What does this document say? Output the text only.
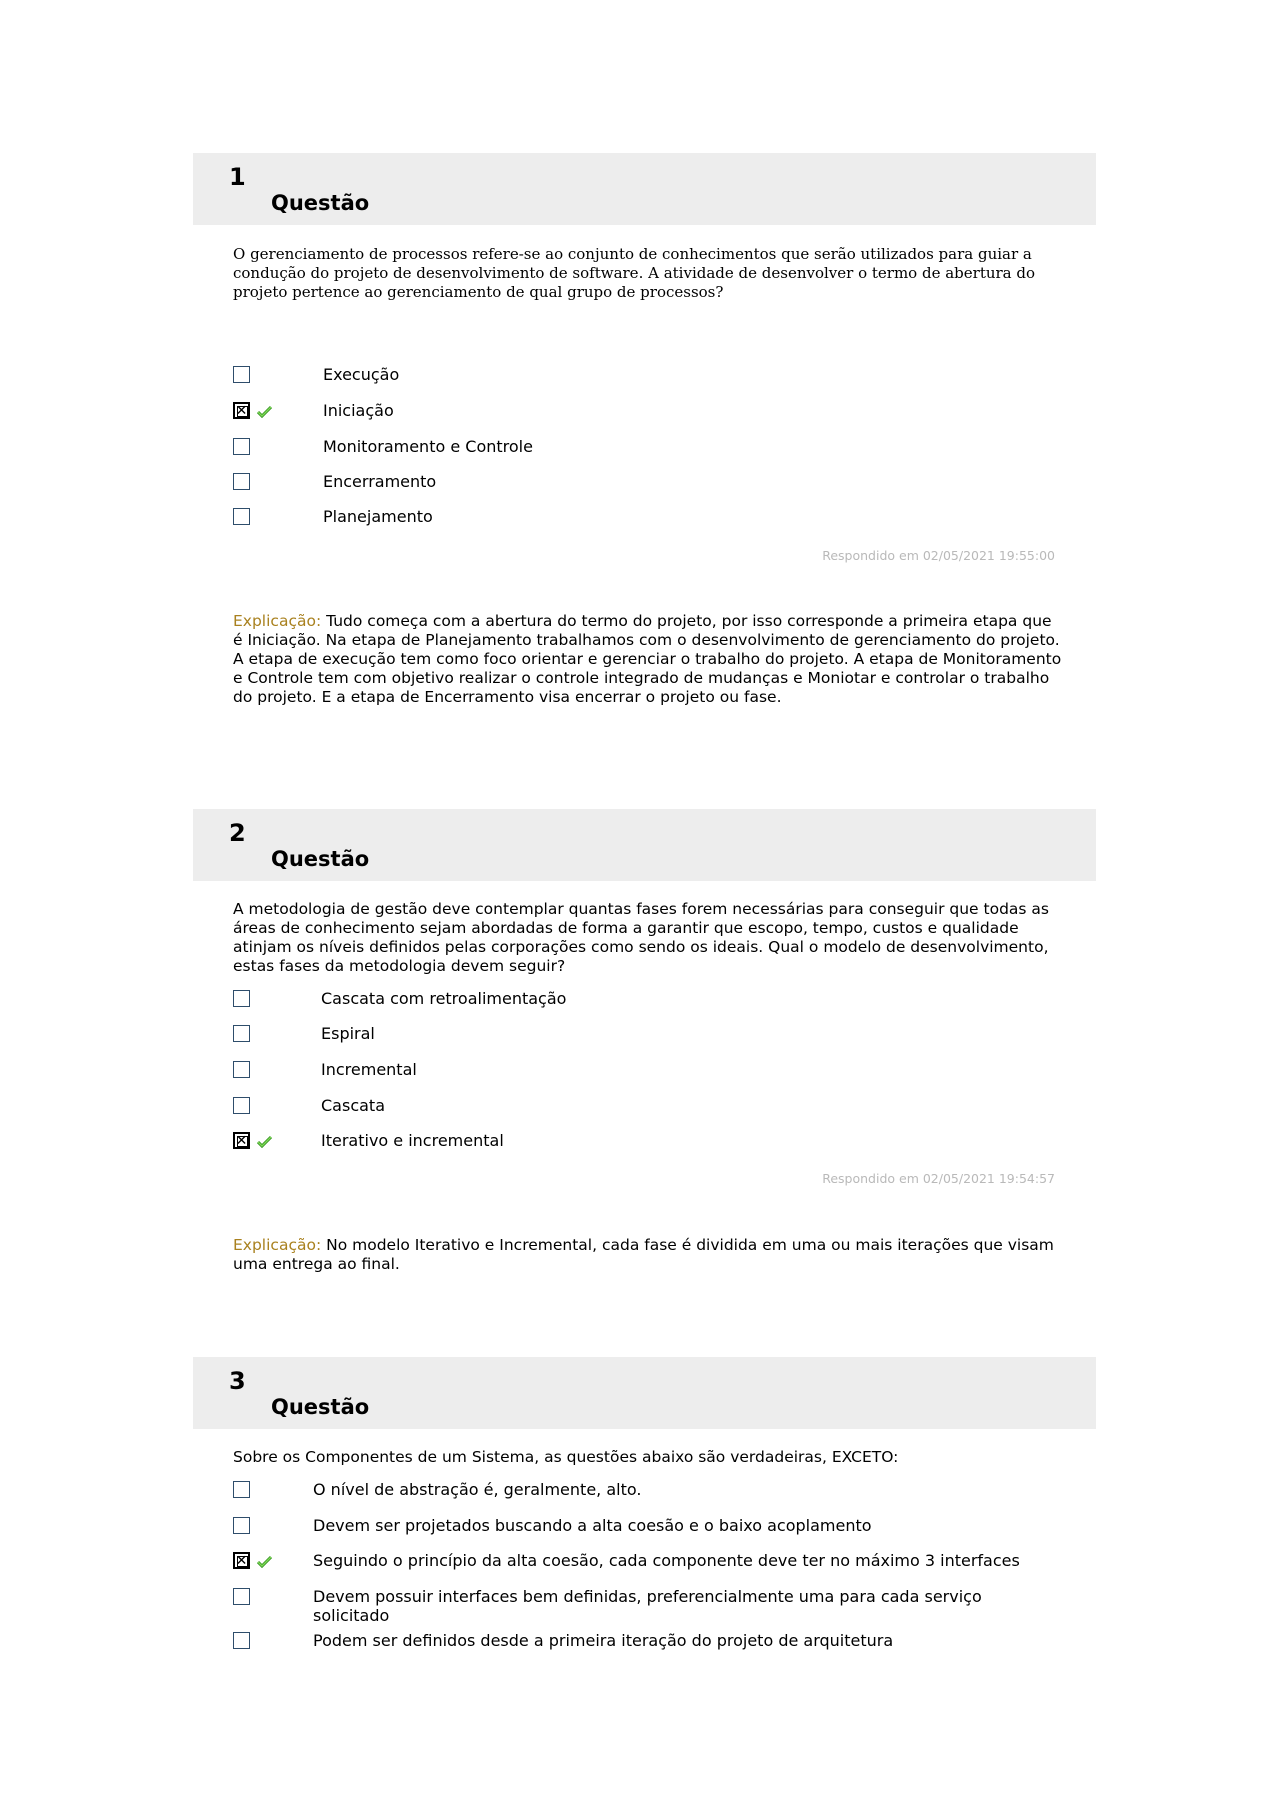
1
Questão

O gerenciamento de processos refere-se ao conjunto de conhecimentos que serão utilizados para guiar a condução do projeto de desenvolvimento de software. A atividade de desenvolver o termo de abertura do projeto pertence ao gerenciamento de qual grupo de processos?

Execução
✕	Iniciação
Monitoramento e Controle
Encerramento
Planejamento
Respondido em 02/05/2021 19:55:00

Explicação: Tudo começa com a abertura do termo do projeto, por isso corresponde a primeira etapa que é Iniciação. Na etapa de Planejamento trabalhamos com o desenvolvimento de gerenciamento do projeto. A etapa de execução tem como foco orientar e gerenciar o trabalho do projeto. A etapa de Monitoramento e Controle tem com objetivo realizar o controle integrado de mudanças e Moniotar e controlar o trabalho do projeto. E a etapa de Encerramento visa encerrar o projeto ou fase.

2
Questão

A metodologia de gestão deve contemplar quantas fases forem necessárias para conseguir que todas as áreas de conhecimento sejam abordadas de forma a garantir que escopo, tempo, custos e qualidade atinjam os níveis definidos pelas corporações como sendo os ideais. Qual o modelo de desenvolvimento, estas fases da metodologia devem seguir?

Cascata com retroalimentação
Espiral
Incremental
Cascata
✕	Iterativo e incremental
Respondido em 02/05/2021 19:54:57

Explicação: No modelo Iterativo e Incremental, cada fase é dividida em uma ou mais iterações que visam uma entrega ao final.

3
Questão

Sobre os Componentes de um Sistema, as questões abaixo são verdadeiras, EXCETO:

O nível de abstração é, geralmente, alto.
Devem ser projetados buscando a alta coesão e o baixo acoplamento
✕	Seguindo o princípio da alta coesão, cada componente deve ter no máximo 3 interfaces
Devem possuir interfaces bem definidas, preferencialmente uma para cada serviço solicitado
Podem ser definidos desde a primeira iteração do projeto de arquitetura
